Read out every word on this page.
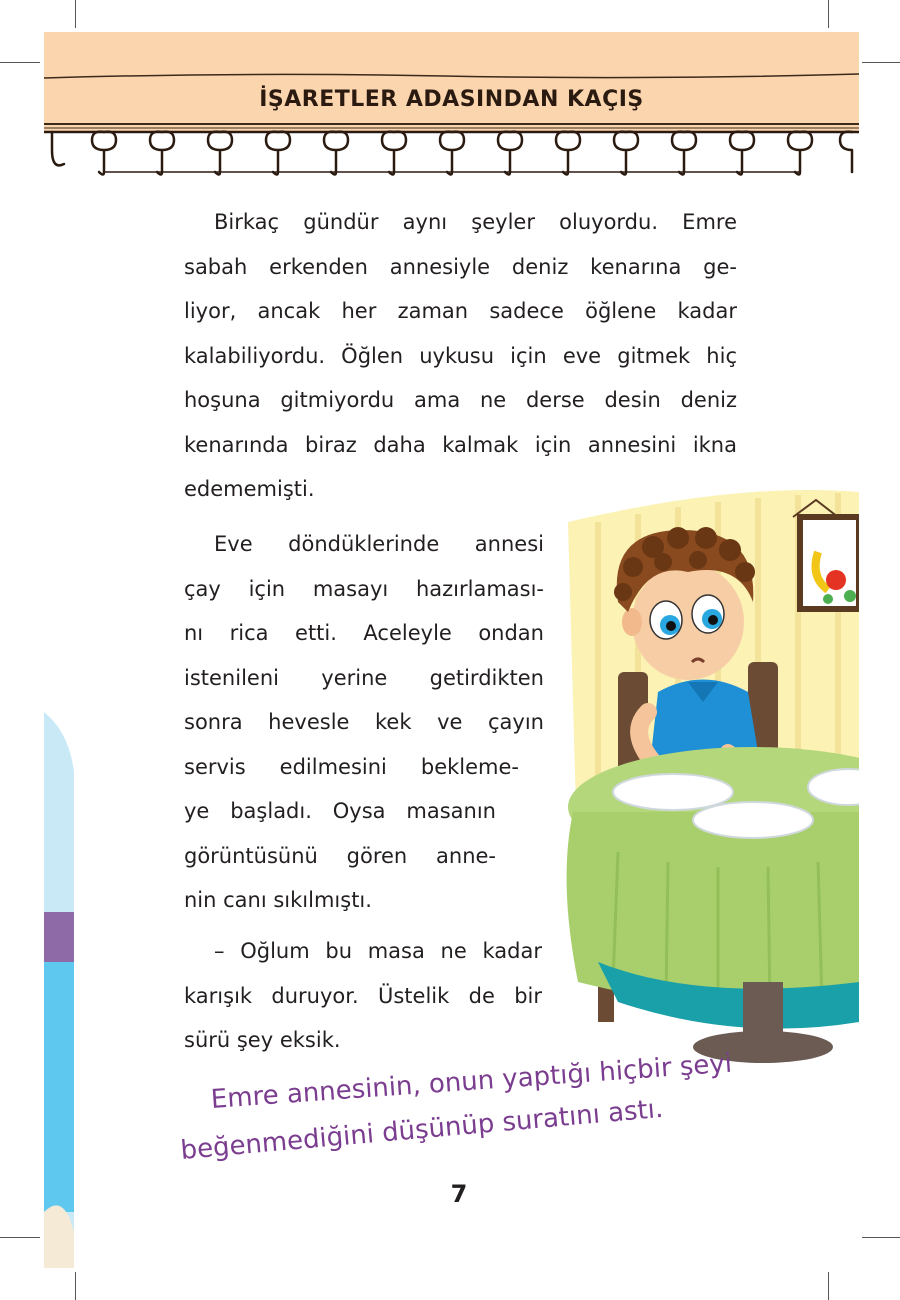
İŞARETLER ADASINDAN KAÇIŞ
Birkaç gündür aynı şeyler oluyordu. Emre
sabah erkenden annesiyle deniz kenarına ge-
liyor, ancak her zaman sadece öğlene kadar
kalabiliyordu. Öğlen uykusu için eve gitmek hiç
hoşuna gitmiyordu ama ne derse desin deniz
kenarında biraz daha kalmak için annesini ikna
edememişti.
Eve döndüklerinde annesi
çay için masayı hazırlaması-
nı rica etti. Aceleyle ondan
istenileni yerine getirdikten
sonra hevesle kek ve çayın
servis edilmesini bekleme-
ye başladı. Oysa masanın
görüntüsünü gören anne-
nin canı sıkılmıştı.
– Oğlum bu masa ne kadar
karışık duruyor. Üstelik de bir
sürü şey eksik.
Emre annesinin, onun yaptığı hiçbir şeyi
beğenmediğini düşünüp suratını astı.
7
